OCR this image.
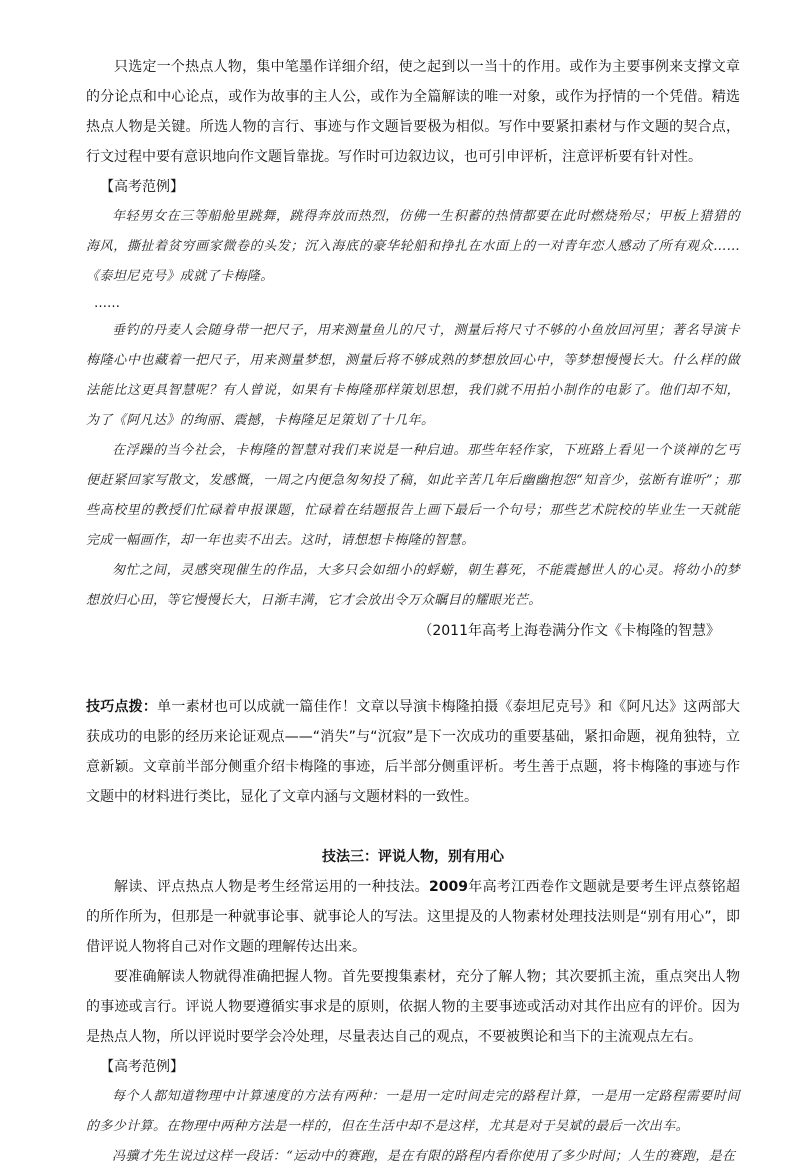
只选定一个热点人物，集中笔墨作详细介绍，使之起到以一当十的作用。或作为主要事例来支撑文章的分论点和中心论点，或作为故事的主人公，或作为全篇解读的唯一对象，或作为抒情的一个凭借。精选热点人物是关键。所选人物的言行、事迹与作文题旨要极为相似。写作中要紧扣素材与作文题的契合点，行文过程中要有意识地向作文题旨靠拢。写作时可边叙边议，也可引申评析，注意评析要有针对性。

【高考范例】

年轻男女在三等船舱里跳舞，跳得奔放而热烈，仿佛一生积蓄的热情都要在此时燃烧殆尽；甲板上猎猎的海风，撕扯着贫穷画家微卷的头发；沉入海底的豪华轮船和挣扎在水面上的一对青年恋人感动了所有观众……《泰坦尼克号》成就了卡梅隆。

……

垂钓的丹麦人会随身带一把尺子，用来测量鱼儿的尺寸，测量后将尺寸不够的小鱼放回河里；著名导演卡梅隆心中也藏着一把尺子，用来测量梦想，测量后将不够成熟的梦想放回心中，等梦想慢慢长大。什么样的做法能比这更具智慧呢？有人曾说，如果有卡梅隆那样策划思想，我们就不用拍小制作的电影了。他们却不知，为了《阿凡达》的绚丽、震撼，卡梅隆足足策划了十几年。

在浮躁的当今社会，卡梅隆的智慧对我们来说是一种启迪。那些年轻作家，下班路上看见一个谈禅的乞丐便赶紧回家写散文，发感慨，一周之内便急匆匆投了稿，如此辛苦几年后幽幽抱怨“知音少，弦断有谁听”；那些高校里的教授们忙碌着申报课题，忙碌着在结题报告上画下最后一个句号；那些艺术院校的毕业生一天就能完成一幅画作，却一年也卖不出去。这时，请想想卡梅隆的智慧。

匆忙之间，灵感突现催生的作品，大多只会如细小的蜉蝣，朝生暮死，不能震撼世人的心灵。将幼小的梦想放归心田，等它慢慢长大，日渐丰满，它才会放出令万众瞩目的耀眼光芒。

（2011年高考上海卷满分作文《卡梅隆的智慧》

技巧点拨：单一素材也可以成就一篇佳作！文章以导演卡梅隆拍摄《泰坦尼克号》和《阿凡达》这两部大获成功的电影的经历来论证观点——“消失”与“沉寂”是下一次成功的重要基础，紧扣命题，视角独特，立意新颖。文章前半部分侧重介绍卡梅隆的事迹，后半部分侧重评析。考生善于点题，将卡梅隆的事迹与作文题中的材料进行类比，显化了文章内涵与文题材料的一致性。

技法三：评说人物，别有用心

解读、评点热点人物是考生经常运用的一种技法。2009年高考江西卷作文题就是要考生评点蔡铭超的所作所为，但那是一种就事论事、就事论人的写法。这里提及的人物素材处理技法则是“别有用心”，即借评说人物将自己对作文题的理解传达出来。

要准确解读人物就得准确把握人物。首先要搜集素材，充分了解人物；其次要抓主流，重点突出人物的事迹或言行。评说人物要遵循实事求是的原则，依据人物的主要事迹或活动对其作出应有的评价。因为是热点人物，所以评说时要学会冷处理，尽量表达自己的观点，不要被舆论和当下的主流观点左右。

【高考范例】

每个人都知道物理中计算速度的方法有两种：一是用一定时间走完的路程计算，一是用一定路程需要时间的多少计算。在物理中两种方法是一样的，但在生活中却不是这样，尤其是对于吴斌的最后一次出车。

冯骥才先生说过这样一段话：“运动中的赛跑，是在有限的路程内看你使用了多少时间；人生的赛跑，是在
